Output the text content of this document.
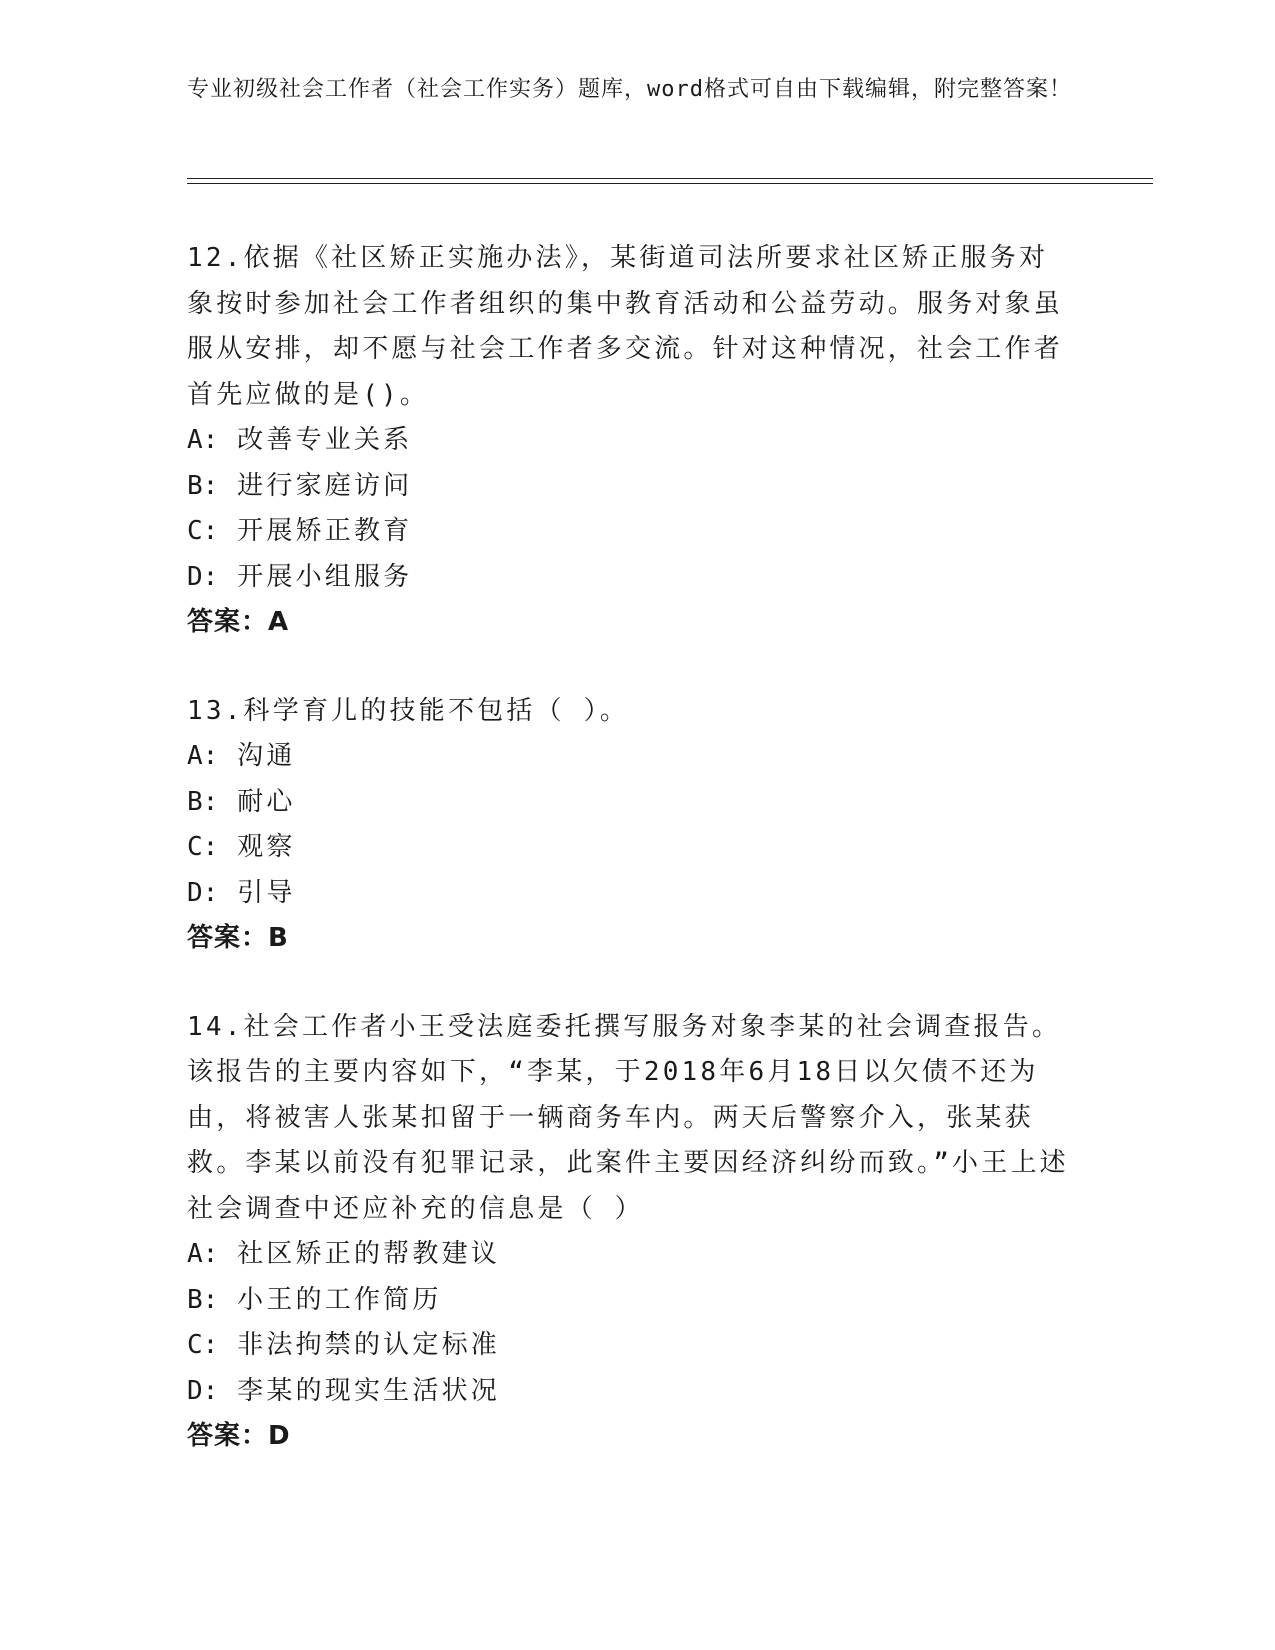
专业初级社会工作者（社会工作实务）题库，word格式可自由下载编辑，附完整答案！

12.依据《社区矫正实施办法》，某街道司法所要求社区矫正服务对象按时参加社会工作者组织的集中教育活动和公益劳动。服务对象虽服从安排，却不愿与社会工作者多交流。针对这种情况，社会工作者首先应做的是()。

A: 改善专业关系

B: 进行家庭访问

C: 开展矫正教育

D: 开展小组服务

答案：A

13.科学育儿的技能不包括（ ）。

A: 沟通

B: 耐心

C: 观察

D: 引导

答案：B

14.社会工作者小王受法庭委托撰写服务对象李某的社会调查报告。该报告的主要内容如下，“李某，于2018年6月18日以欠债不还为由，将被害人张某扣留于一辆商务车内。两天后警察介入，张某获救。李某以前没有犯罪记录，此案件主要因经济纠纷而致。”小王上述社会调查中还应补充的信息是（ ）

A: 社区矫正的帮教建议

B: 小王的工作简历

C: 非法拘禁的认定标准

D: 李某的现实生活状况

答案：D
